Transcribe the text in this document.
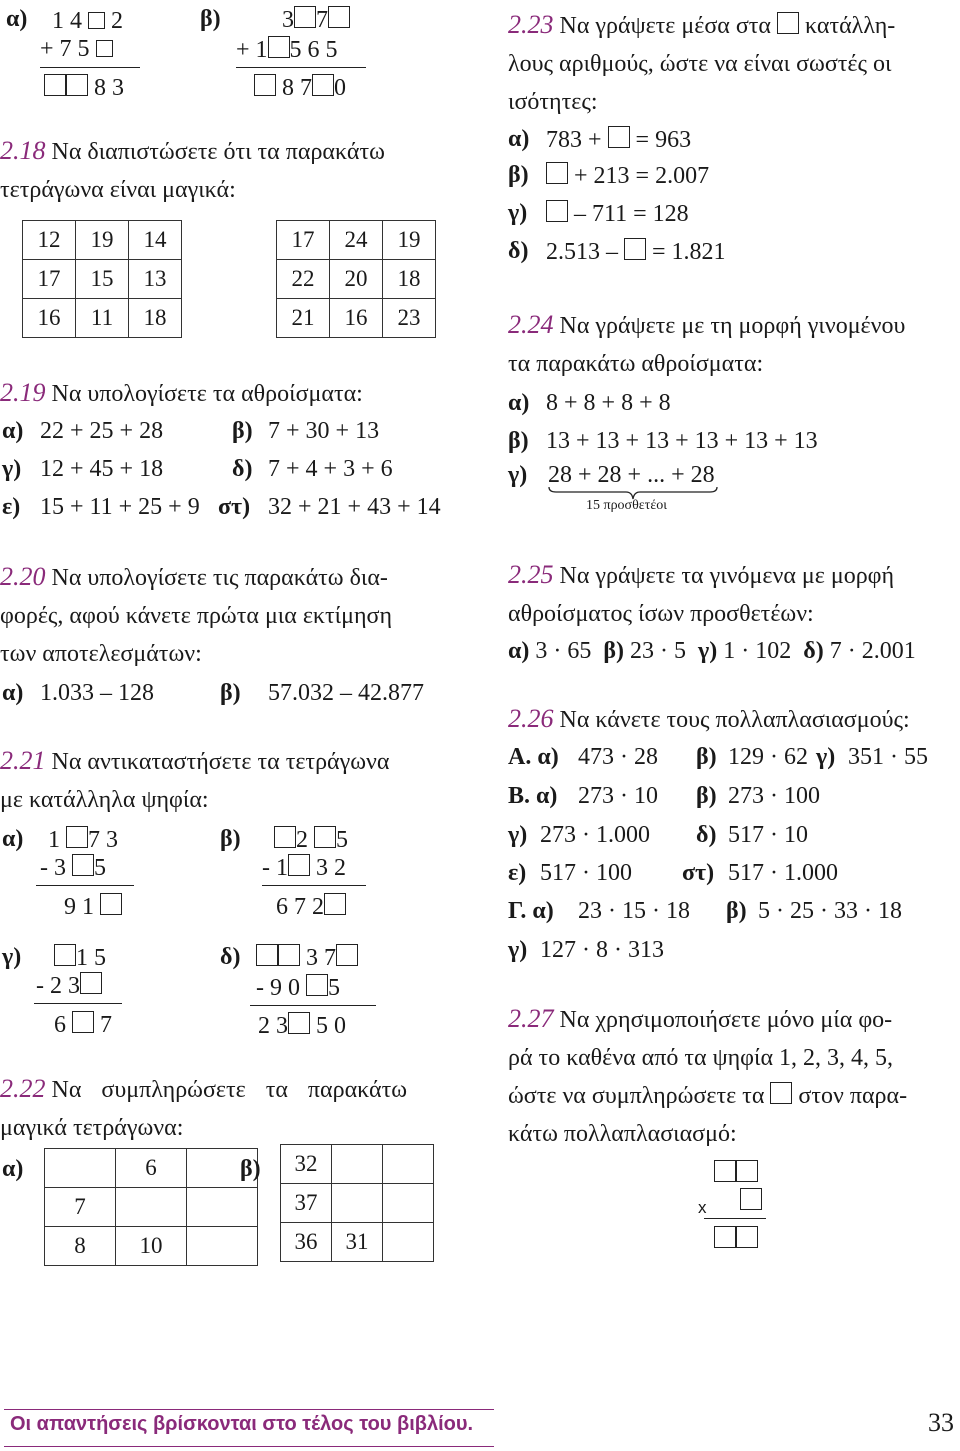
α) 1 4 2
+ 7 5
8 3
β)	3 7
+ 1 5 6 5
8 7 0
2.18 Να διαπιστώσετε ότι τα παρακάτω
τετράγωνα είναι μαγικά:
12	19	14
17	15	13
16	11	18
17	24	19
22	20	18
21	16	23
2.19 Να υπολογίσετε τα αθροίσματα:
α) 22 + 25 + 28	β) 7 + 30 + 13
γ) 12 + 45 + 18	δ) 7 + 4 + 3 + 6
ε) 15 + 11 + 25 + 9 στ) 32 + 21 + 43 + 14
2.20 Να υπολογίσετε τις παρακάτω δια-
φορές, αφού κάνετε πρώτα μια εκτίμηση
των αποτελεσμάτων:
α) 1.033 – 128	β) 57.032 – 42.877
2.21 Να αντικαταστήσετε τα τετράγωνα
με κατάλληλα ψηφία:
α) 1 7 3
- 3 5
9 1
β)	2 5
- 1 3 2
6 7 2
γ)	1 5
- 2 3
6 7
δ)	3 7
- 9 0 5
2 3 5 0
2.22 Να συμπληρώσετε τα παρακάτω
μαγικά τετράγωνα:
α)
		6	
7		
8	10	
β) 32		
37		
36	31	
2.23 Να γράψετε μέσα στα κατάλλη-
λους αριθμούς, ώστε να είναι σωστές οι
ισότητες:
α) 783 + = 963
β)	+ 213 = 2.007
γ)	– 711 = 128
δ) 2.513 – = 1.821
2.24 Να γράψετε με τη μορφή γινομένου
τα παρακάτω αθροίσματα:
α) 8 + 8 + 8 + 8
β) 13 + 13 + 13 + 13 + 13 + 13
γ) 28 + 28 + ... + 28
15 προσθετέοι
2.25 Να γράψετε τα γινόμενα με μορφή
αθροίσματος ίσων προσθετέων:
α) 3 · 65 β) 23 · 5 γ) 1 · 102 δ) 7 · 2.001
2.26 Να κάνετε τους πολλαπλασιασμούς:
Α. α) 473 · 28 β) 129 · 62 γ) 351 · 55
Β. α) 273 · 10 β) 273 · 100
γ) 273 · 1.000 δ) 517 · 10
ε) 517 · 100 στ) 517 · 1.000
Γ. α) 23 · 15 · 18 β) 5 · 25 · 33 · 18
γ) 127 · 8 · 313
2.27 Να χρησιμοποιήσετε μόνο μία φο-
ρά το καθένα από τα ψηφία 1, 2, 3, 4, 5,
ώστε να συμπληρώσετε τα στον παρα-
κάτω πολλαπλασιασμό:
x
Οι απαντήσεις βρίσκονται στο τέλος του βιβλίου.	33
